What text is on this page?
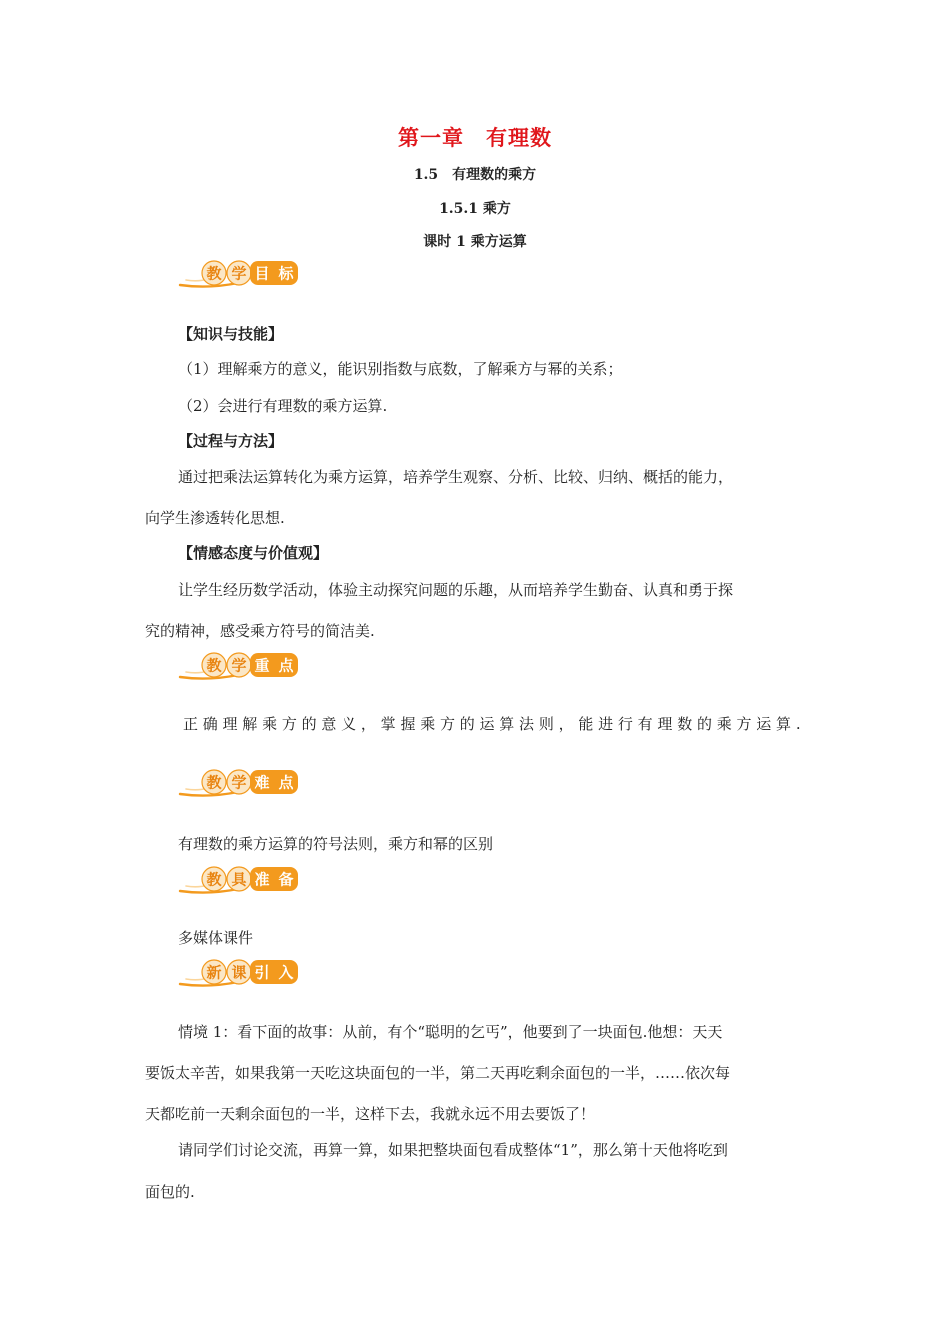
第一章　有理数
1.5　有理数的乘方
1.5.1 乘方
课时 1 乘方运算
教 学 目 标
【知识与技能】
（1）理解乘方的意义，能识别指数与底数，了解乘方与幂的关系；
（2）会进行有理数的乘方运算.
【过程与方法】
通过把乘法运算转化为乘方运算，培养学生观察、分析、比较、归纳、概括的能力，
向学生渗透转化思想.
【情感态度与价值观】
让学生经历数学活动，体验主动探究问题的乐趣，从而培养学生勤奋、认真和勇于探
究的精神，感受乘方符号的简洁美.
教 学 重 点
正 确 理 解 乘 方 的 意 义 ， 掌 握 乘 方 的 运 算 法 则 ， 能 进 行 有 理 数 的 乘 方 运 算 .
教 学 难 点
有理数的乘方运算的符号法则，乘方和幂的区别
教 具 准 备
多媒体课件
新 课 引 入
情境 1：看下面的故事：从前，有个“聪明的乞丐”，他要到了一块面包.他想：天天
要饭太辛苦，如果我第一天吃这块面包的一半，第二天再吃剩余面包的一半，……依次每
天都吃前一天剩余面包的一半，这样下去，我就永远不用去要饭了！
请同学们讨论交流，再算一算，如果把整块面包看成整体“1”，那么第十天他将吃到
面包的.
